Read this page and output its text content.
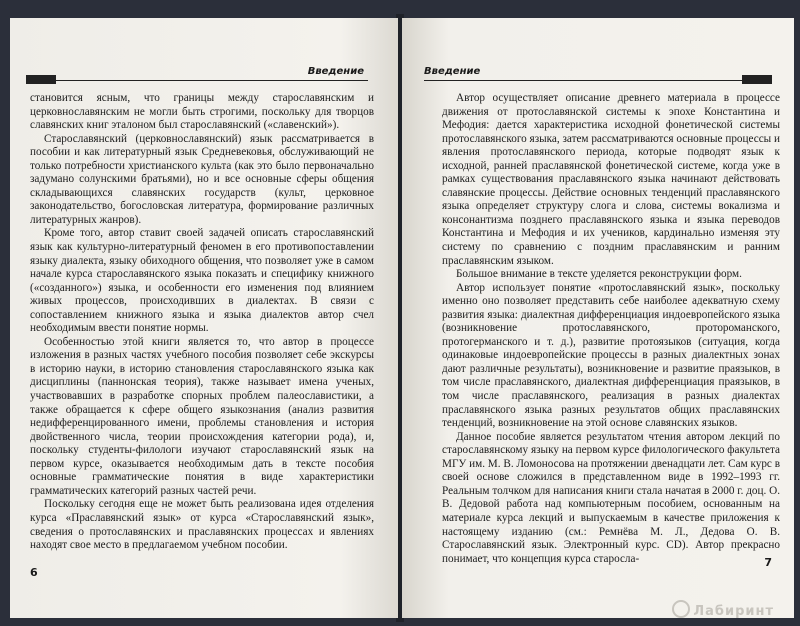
Введение

становится ясным, что границы между старославянским и церковнославянским не могли быть строгими, поскольку для творцов славянских книг эталоном был старославянский («славенский»).

Старославянский (церковнославянский) язык рассматривается в пособии и как литературный язык Средневековья, обслуживающий не только потребности христианского культа (как это было первоначально задумано солунскими братьями), но и все основные сферы общения складывающихся славянских государств (культ, церковное законодательство, богословская литература, формирование различных литературных жанров).

Кроме того, автор ставит своей задачей описать старославянский язык как культурно-литературный феномен в его противопоставлении языку диалекта, языку обиходного общения, что позволяет уже в самом начале курса старославянского языка показать и специфику книжного («созданного») языка, и особенности его изменения под влиянием живых процессов, происходивших в диалектах. В связи с сопоставлением книжного языка и языка диалектов автор счел необходимым ввести понятие нормы.

Особенностью этой книги является то, что автор в процессе изложения в разных частях учебного пособия позволяет себе экскурсы в историю науки, в историю становления старославянского языка как дисциплины (паннонская теория), также называет имена ученых, участвовавших в разработке спорных проблем палеославистики, а также обращается к сфере общего языкознания (анализ развития недифференцированного имени, проблемы становления и история двойственного числа, теории происхождения категории рода), и, поскольку студенты-филологи изучают старославянский язык на первом курсе, оказывается необходимым дать в тексте пособия основные грамматические понятия в виде характеристики грамматических категорий разных частей речи.

Поскольку сегодня еще не может быть реализована идея отделения курса «Праславянский язык» от курса «Старославянский язык», сведения о протославянских и праславянских процессах и явлениях находят свое место в предлагаемом учебном пособии.

6
Введение

Автор осуществляет описание древнего материала в процессе движения от протославянской системы к эпохе Константина и Мефодия: дается характеристика исходной фонетической системы протославянского языка, затем рассматриваются основные процессы и явления протославянского периода, которые подводят язык к исходной, ранней праславянской фонетической системе, когда уже в рамках существования праславянского языка начинают действовать славянские процессы. Действие основных тенденций праславянского языка определяет структуру слога и слова, системы вокализма и консонантизма позднего праславянского языка и языка переводов Константина и Мефодия и их учеников, кардинально изменяя эту систему по сравнению с поздним праславянским и ранним праславянским языком.

Большое внимание в тексте уделяется реконструкции форм.

Автор использует понятие «протославянский язык», поскольку именно оно позволяет представить себе наиболее адекватную схему развития языка: диалектная дифференциация индоевропейского языка (возникновение протославянского, протороманского, протогерманского и т. д.), развитие протоязыков (ситуация, когда одинаковые индоевропейские процессы в разных диалектных зонах дают различные результаты), возникновение и развитие праязыков, в том числе праславянского, диалектная дифференциация праязыков, в том числе праславянского, реализация в разных диалектах праславянского языка разных результатов общих праславянских тенденций, возникновение на этой основе славянских языков.

Данное пособие является результатом чтения автором лекций по старославянскому языку на первом курсе филологического факультета МГУ им. М. В. Ломоносова на протяжении двенадцати лет. Сам курс в своей основе сложился в представленном виде в 1992–1993 гг. Реальным толчком для написания книги стала начатая в 2000 г. доц. О. В. Дедовой работа над компьютерным пособием, основанным на материале курса лекций и выпускаемым в качестве приложения к настоящему изданию (см.: Ремнёва М. Л., Дедова О. В. Старославянский язык. Электронный курс. CD). Автор прекрасно понимает, что концепция курса старосла-	7
Лабиринт
